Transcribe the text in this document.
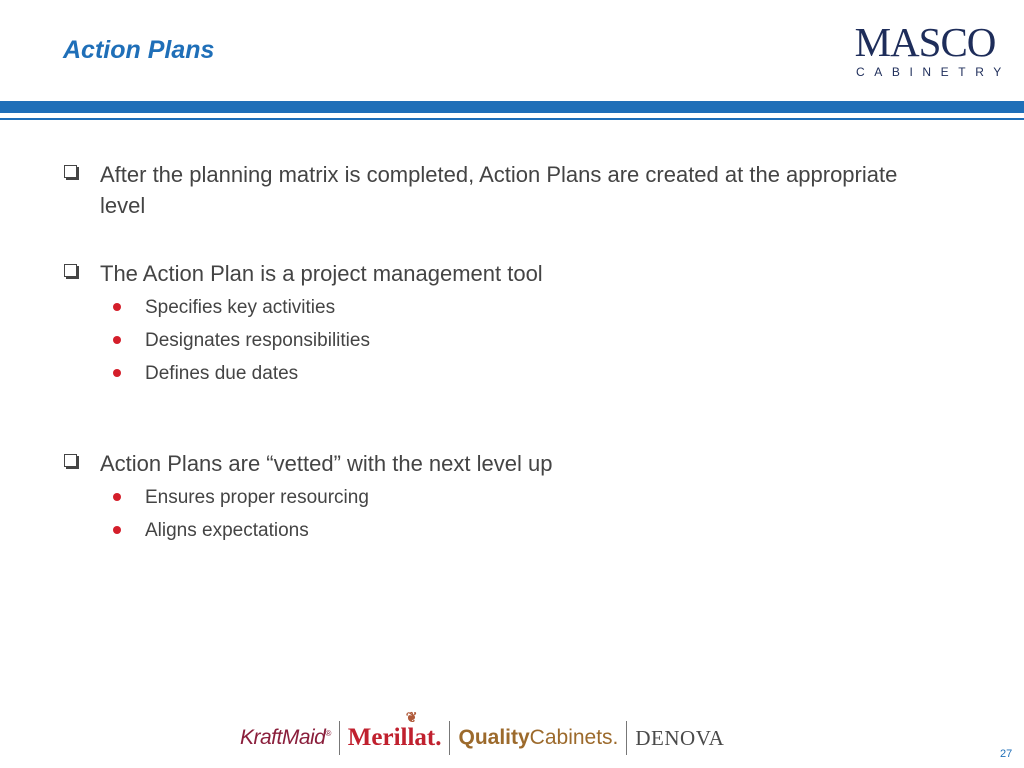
Action Plans	MASCO
CABINETRY
After the planning matrix is completed, Action Plans are created at the appropriate level
The Action Plan is a project management tool
Specifies key activities
Designates responsibilities
Defines due dates
Action Plans are “vetted” with the next level up
Ensures proper resourcing
Aligns expectations
KraftMaid®
❦
Merillat. QualityCabinets. DENOVA
27
